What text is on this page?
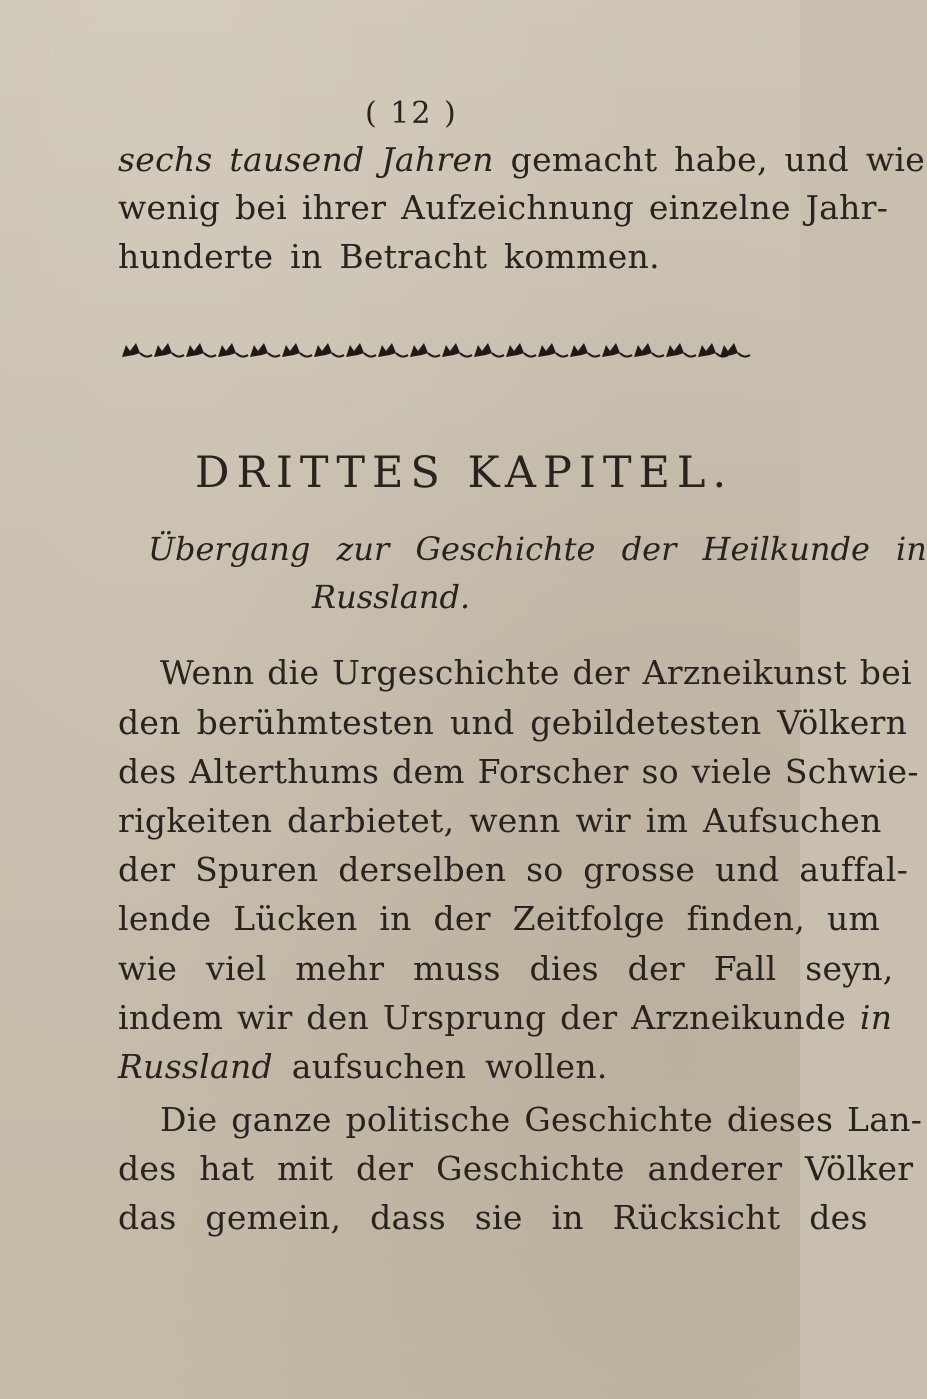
( 12 )
sechs tausend Jahren gemacht habe, und wie
wenig bei ihrer Aufzeichnung einzelne Jahr-
hunderte in Betracht kommen.
DRITTES KAPITEL.
Übergang zur Geschichte der Heilkunde in
Russland.
Wenn die Urgeschichte der Arzneikunst bei
den berühmtesten und gebildetesten Völkern
des Alterthums dem Forscher so viele Schwie-
rigkeiten darbietet, wenn wir im Aufsuchen
der Spuren derselben so grosse und auffal-
lende Lücken in der Zeitfolge finden, um
wie viel mehr muss dies der Fall seyn,
indem wir den Ursprung der Arzneikunde in
Russland aufsuchen wollen.
Die ganze politische Geschichte dieses Lan-
des hat mit der Geschichte anderer Völker
das gemein, dass sie in Rücksicht des
